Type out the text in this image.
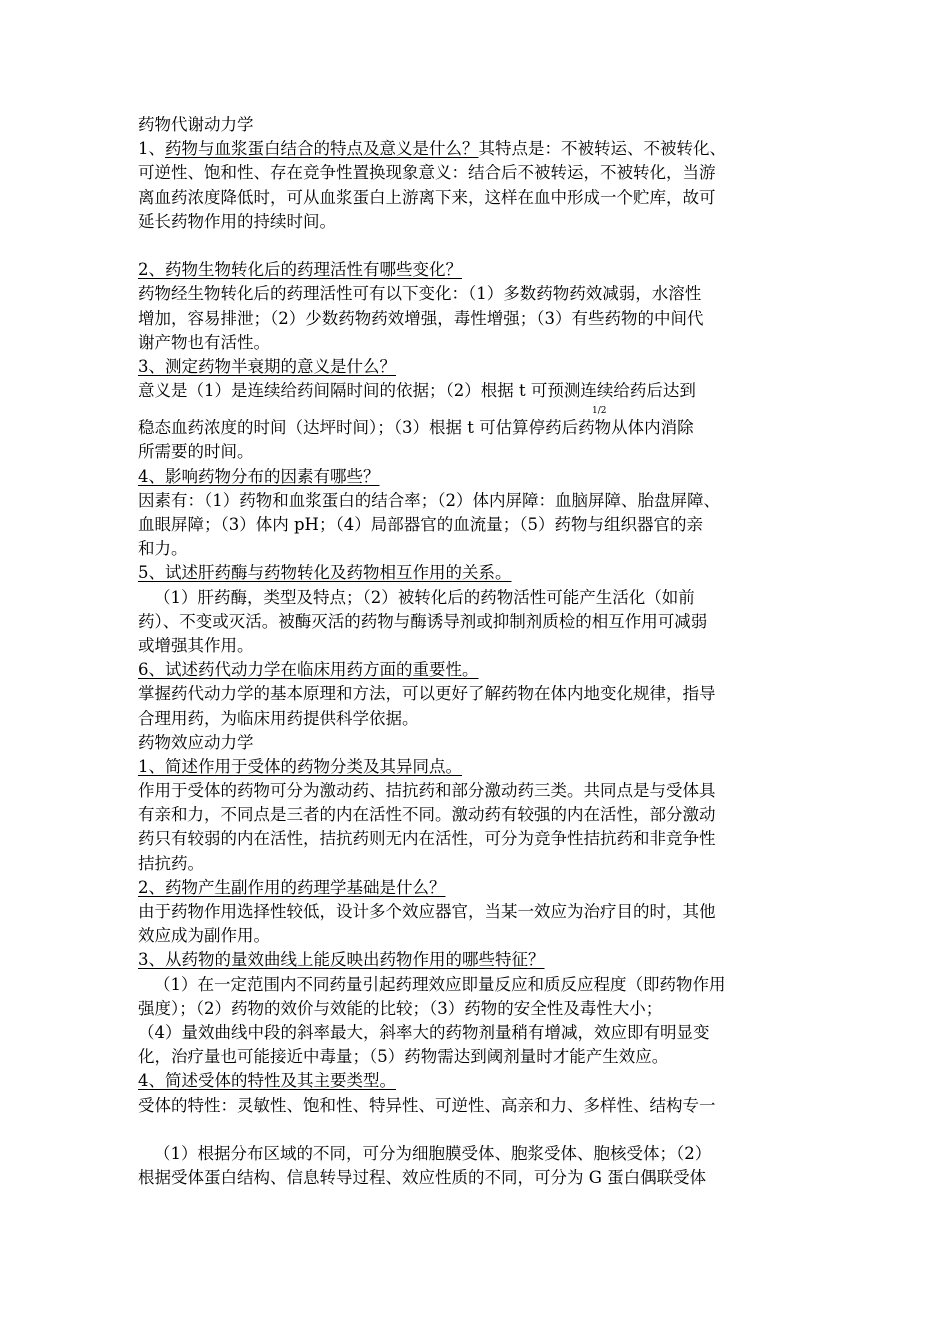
药物代谢动力学
1、药物与血浆蛋白结合的特点及意义是什么？其特点是：不被转运、不被转化、
可逆性、饱和性、存在竞争性置换现象意义：结合后不被转运，不被转化，当游
离血药浓度降低时，可从血浆蛋白上游离下来，这样在血中形成一个贮库，故可
延长药物作用的持续时间。
2、药物生物转化后的药理活性有哪些变化？
药物经生物转化后的药理活性可有以下变化：（1）多数药物药效减弱，水溶性
增加，容易排泄；（2）少数药物药效增强，毒性增强；（3）有些药物的中间代
谢产物也有活性。
3、测定药物半衰期的意义是什么？
意义是（1）是连续给药间隔时间的依据；（2）根据 t 可预测连续给药后达到
1/2
稳态血药浓度的时间（达坪时间）；（3）根据 t 可估算停药后药物从体内消除
所需要的时间。
4、影响药物分布的因素有哪些？
因素有：（1）药物和血浆蛋白的结合率；（2）体内屏障：血脑屏障、胎盘屏障、
血眼屏障；（3）体内 pH；（4）局部器官的血流量；（5）药物与组织器官的亲
和力。
5、试述肝药酶与药物转化及药物相互作用的关系。
（1）肝药酶，类型及特点；（2）被转化后的药物活性可能产生活化（如前
药）、不变或灭活。被酶灭活的药物与酶诱导剂或抑制剂质检的相互作用可减弱
或增强其作用。
6、试述药代动力学在临床用药方面的重要性。
掌握药代动力学的基本原理和方法，可以更好了解药物在体内地变化规律，指导
合理用药，为临床用药提供科学依据。
药物效应动力学
1、简述作用于受体的药物分类及其异同点。
作用于受体的药物可分为激动药、拮抗药和部分激动药三类。共同点是与受体具
有亲和力，不同点是三者的内在活性不同。激动药有较强的内在活性，部分激动
药只有较弱的内在活性，拮抗药则无内在活性，可分为竞争性拮抗药和非竞争性
拮抗药。
2、药物产生副作用的药理学基础是什么？
由于药物作用选择性较低，设计多个效应器官，当某一效应为治疗目的时，其他
效应成为副作用。
3、从药物的量效曲线上能反映出药物作用的哪些特征？
（1）在一定范围内不同药量引起药理效应即量反应和质反应程度（即药物作用
强度）；（2）药物的效价与效能的比较；（3）药物的安全性及毒性大小；
（4）量效曲线中段的斜率最大，斜率大的药物剂量稍有增减，效应即有明显变
化，治疗量也可能接近中毒量；（5）药物需达到阈剂量时才能产生效应。
4、简述受体的特性及其主要类型。
受体的特性：灵敏性、饱和性、特异性、可逆性、高亲和力、多样性、结构专一
（1）根据分布区域的不同，可分为细胞膜受体、胞浆受体、胞核受体；（2）
根据受体蛋白结构、信息转导过程、效应性质的不同，可分为 G 蛋白偶联受体
